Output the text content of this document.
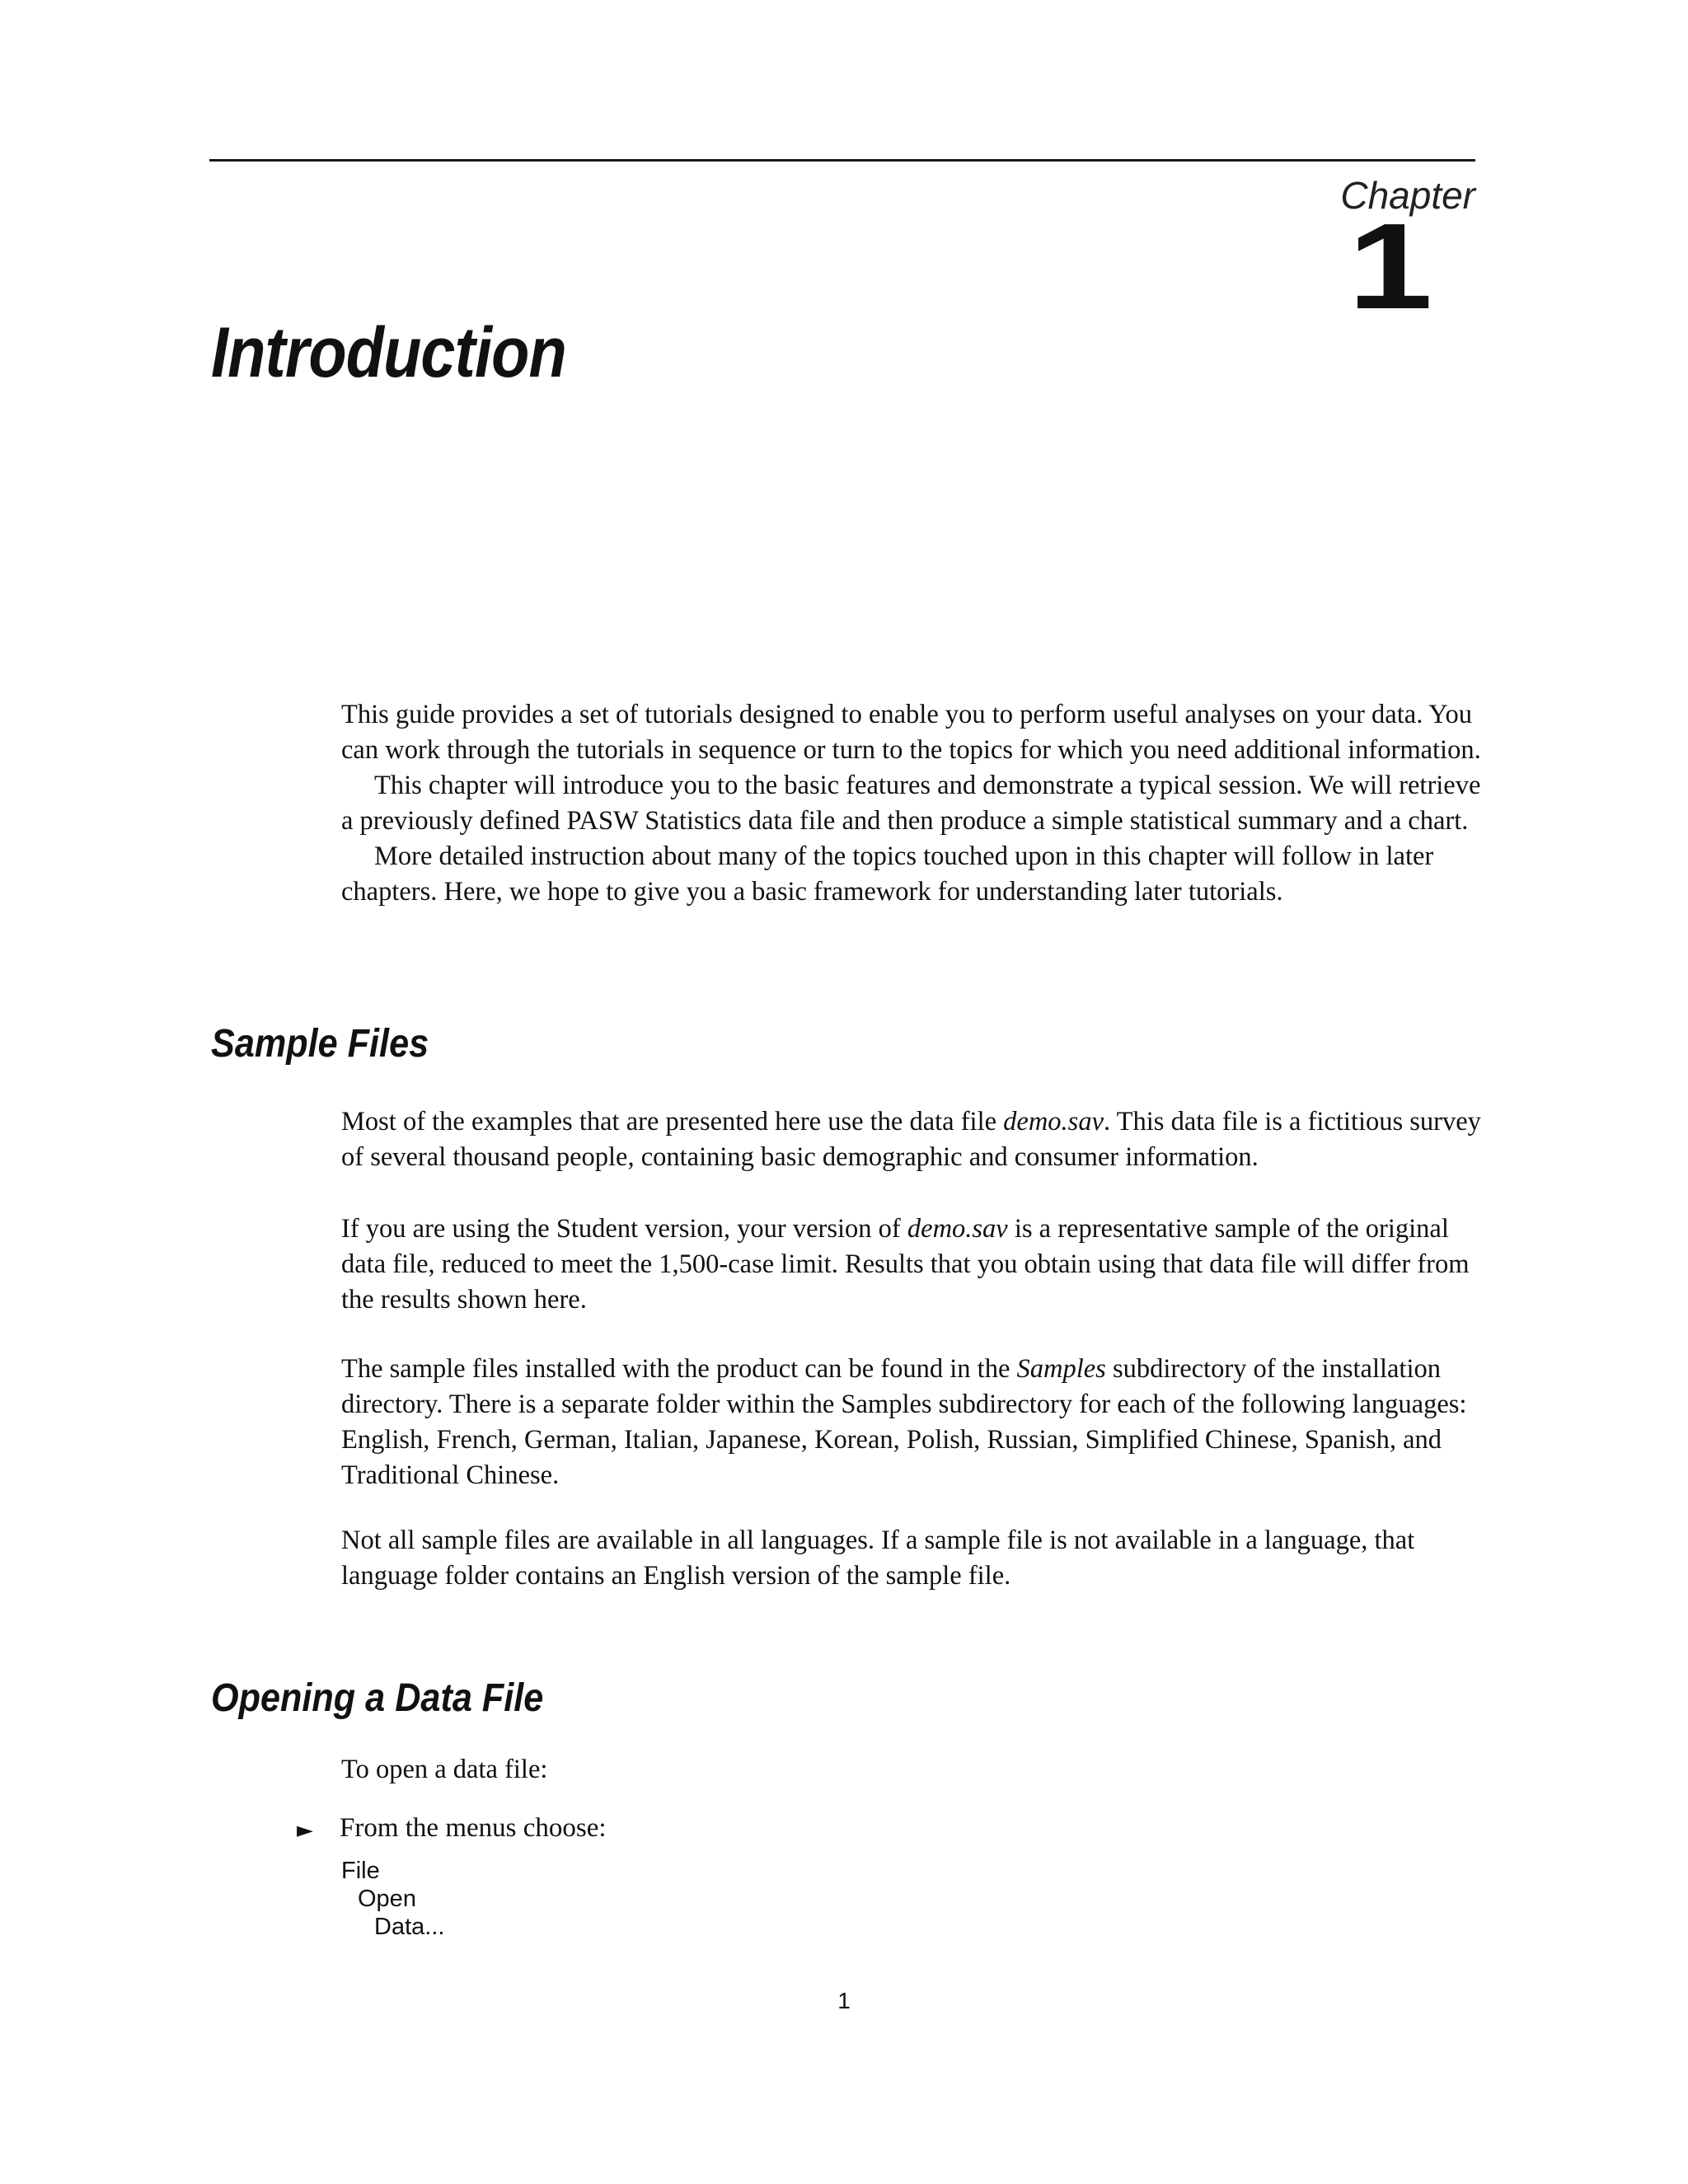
Chapter
1
Introduction

This guide provides a set of tutorials designed to enable you to perform useful analyses on your data. You can work through the tutorials in sequence or turn to the topics for which you need additional information.

This chapter will introduce you to the basic features and demonstrate a typical session. We will retrieve a previously defined PASW Statistics data file and then produce a simple statistical summary and a chart.

More detailed instruction about many of the topics touched upon in this chapter will follow in later chapters. Here, we hope to give you a basic framework for understanding later tutorials.

Sample Files

Most of the examples that are presented here use the data file demo.sav. This data file is a fictitious survey of several thousand people, containing basic demographic and consumer information.

If you are using the Student version, your version of demo.sav is a representative sample of the original data file, reduced to meet the 1,500-case limit. Results that you obtain using that data file will differ from the results shown here.

The sample files installed with the product can be found in the Samples subdirectory of the installation directory. There is a separate folder within the Samples subdirectory for each of the following languages: English, French, German, Italian, Japanese, Korean, Polish, Russian, Simplified Chinese, Spanish, and Traditional Chinese.

Not all sample files are available in all languages. If a sample file is not available in a language, that language folder contains an English version of the sample file.

Opening a Data File

To open a data file:

► From the menus choose:
File
Open
Data...
1
